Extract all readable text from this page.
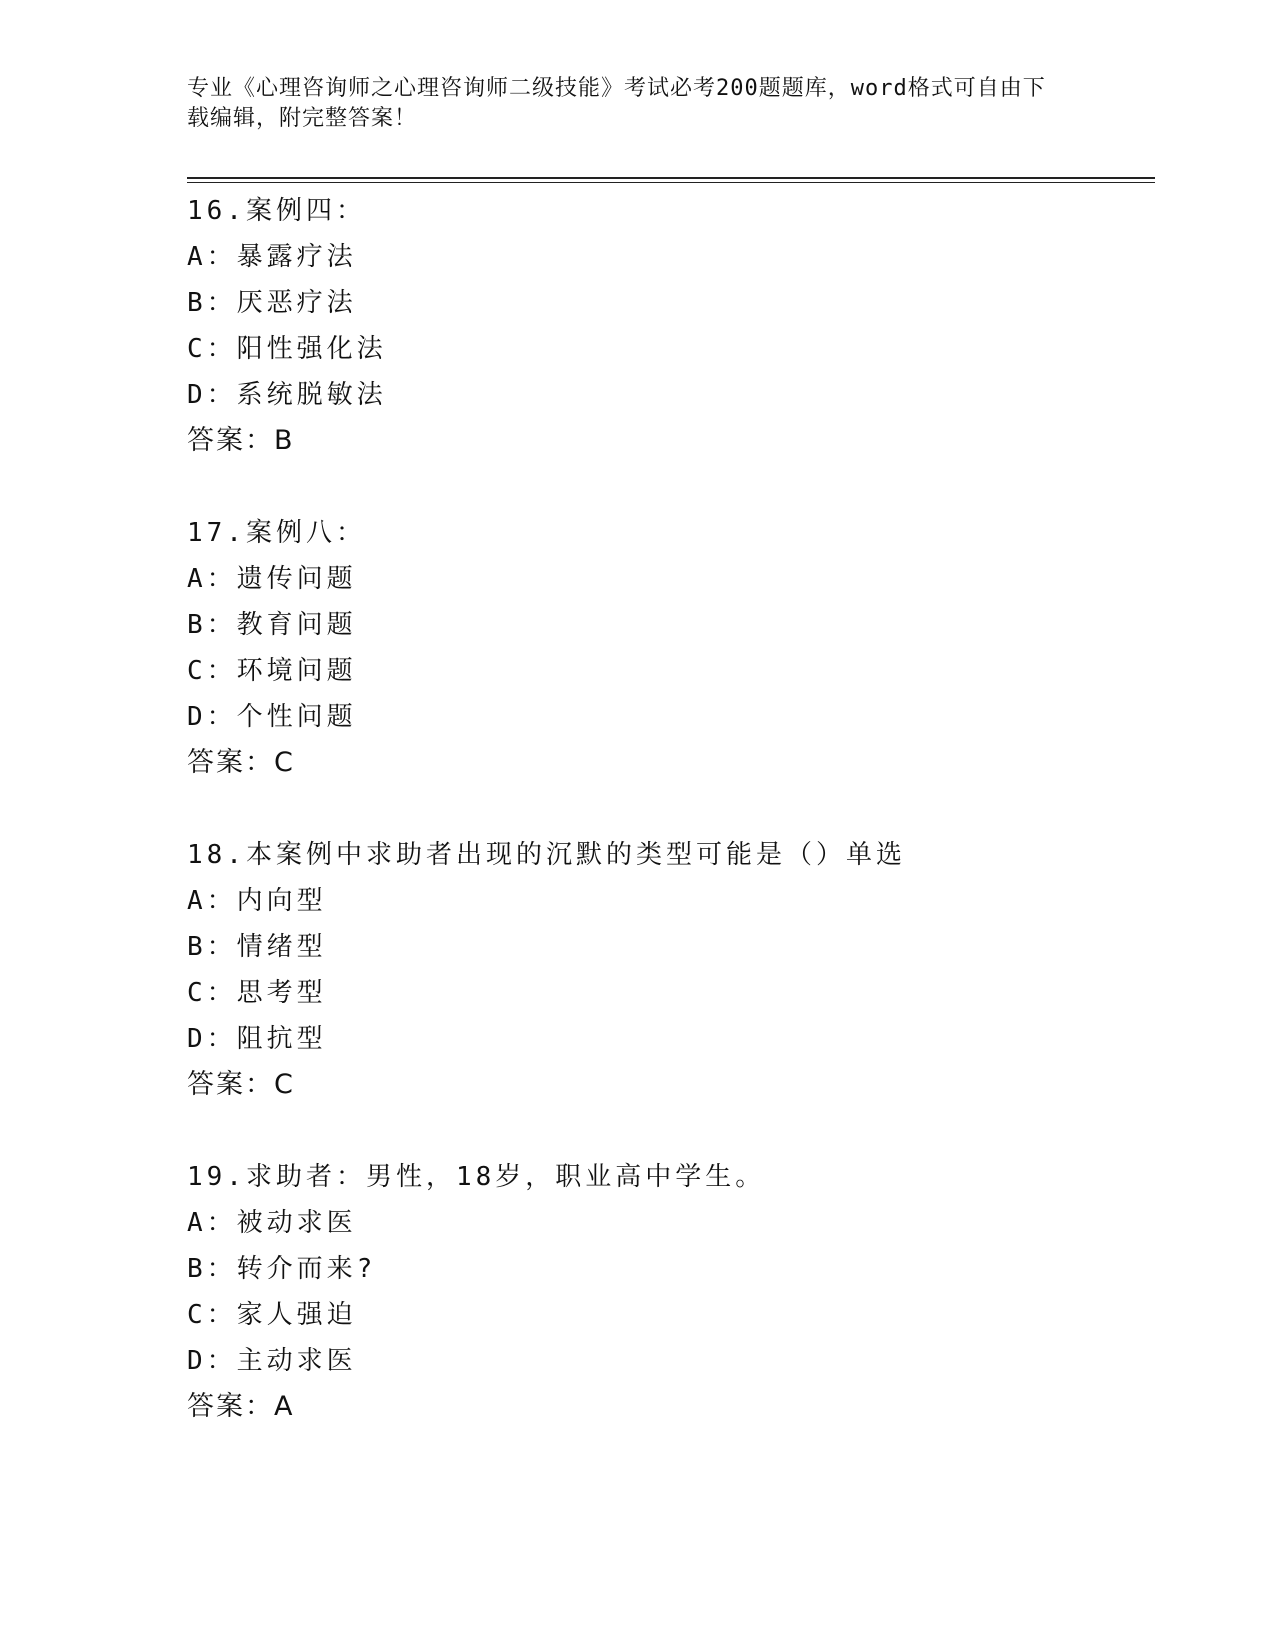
专业《心理咨询师之心理咨询师二级技能》考试必考200题题库，word格式可自由下载编辑，附完整答案！
16.案例四：
A：暴露疗法
B：厌恶疗法
C：阳性强化法
D：系统脱敏法
答案：B
17.案例八：
A：遗传问题
B：教育问题
C：环境问题
D：个性问题
答案：C
18.本案例中求助者出现的沉默的类型可能是（）单选
A：内向型
B：情绪型
C：思考型
D：阻抗型
答案：C
19.求助者：男性，18岁，职业高中学生。
A：被动求医
B：转介而来?
C：家人强迫
D：主动求医
答案：A
